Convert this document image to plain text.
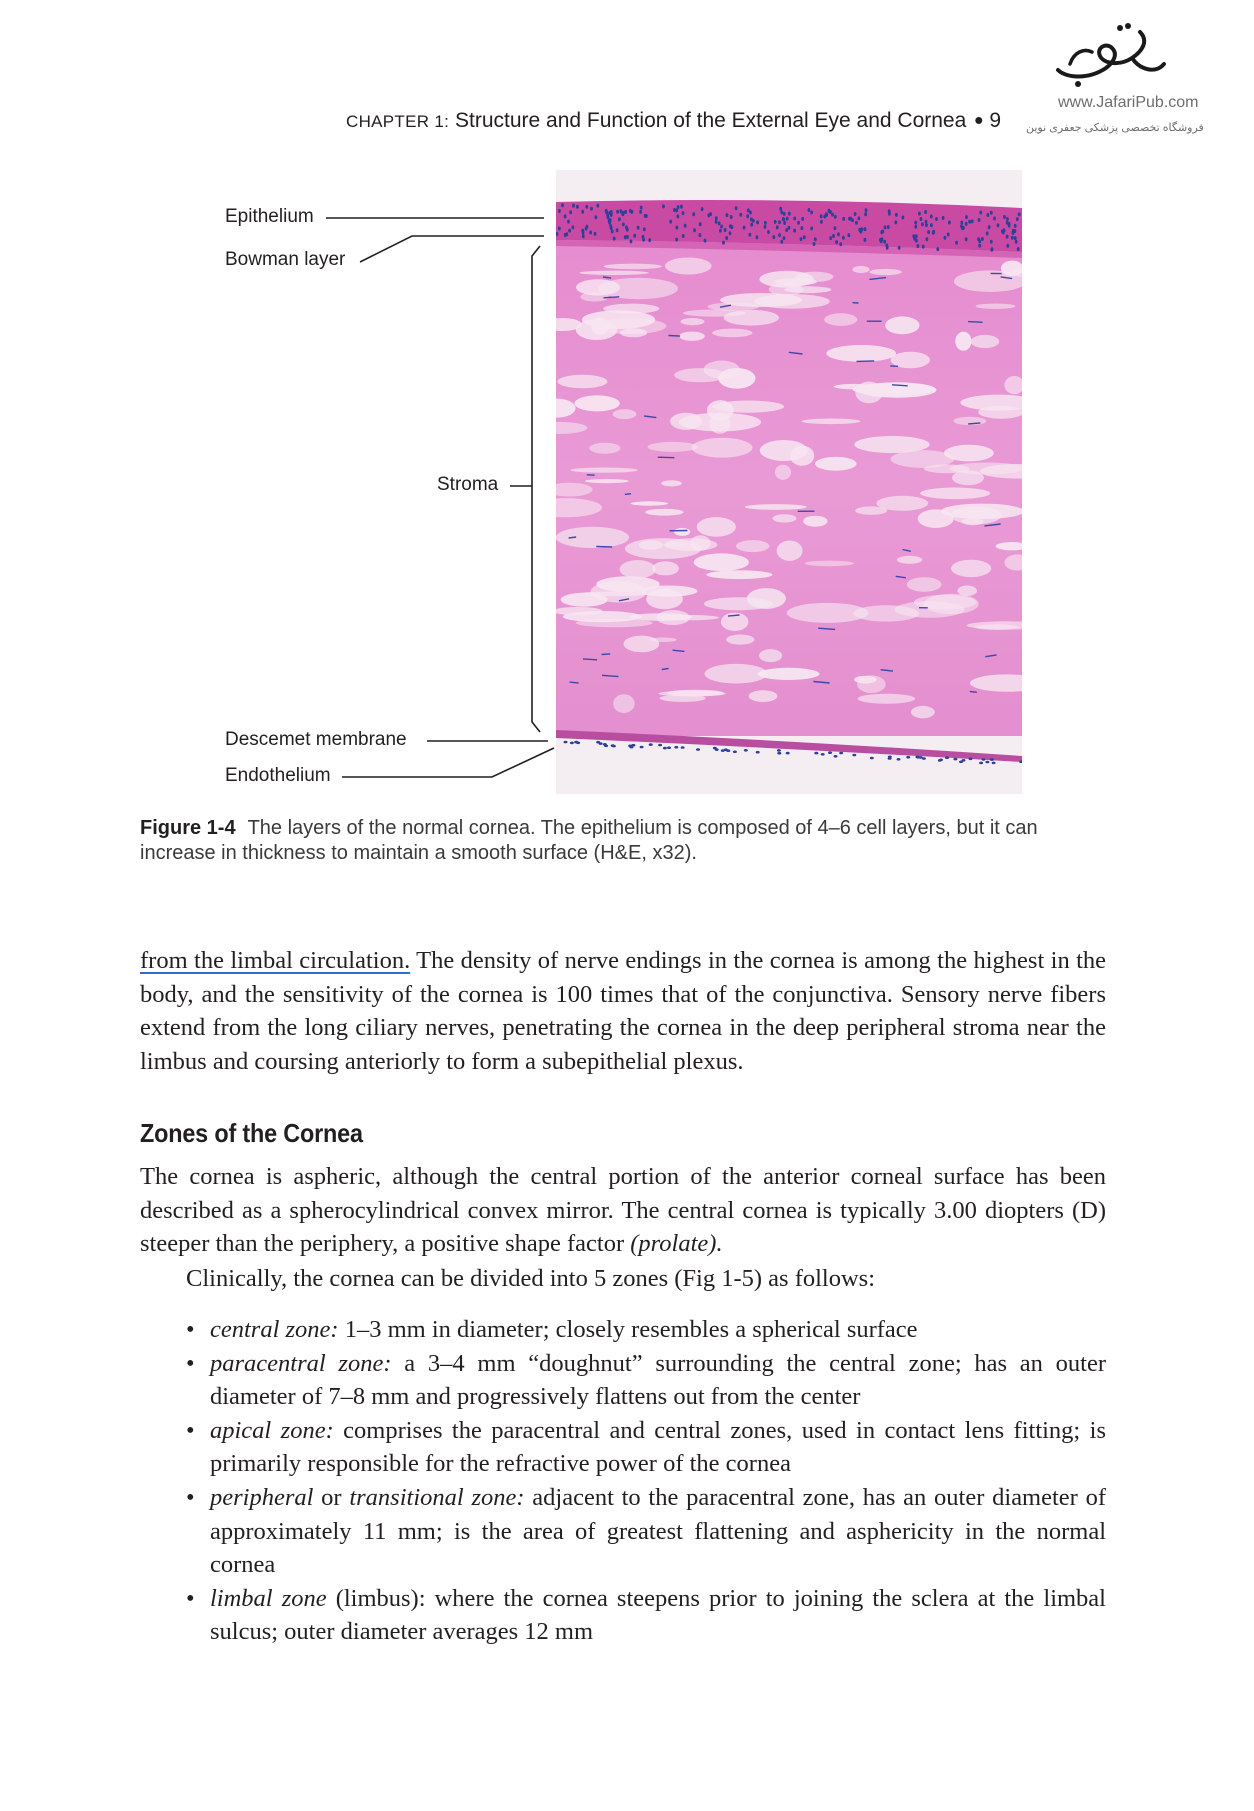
CHAPTER 1: Structure and Function of the External Eye and Cornea • 9
www.JafariPub.com
فروشگاه تخصصی پزشکی جعفری نوین
Epithelium
Bowman layer
Stroma
Descemet membrane
Endothelium
Figure 1-4 The layers of the normal cornea. The epithelium is composed of 4–6 cell layers, but it can increase in thickness to maintain a smooth surface (H&E, x32).

from the limbal circulation. The density of nerve endings in the cornea is among the highest in the body, and the sensitivity of the cornea is 100 times that of the conjunctiva. Sensory nerve fibers extend from the long ciliary nerves, penetrating the cornea in the deep peripheral stroma near the limbus and coursing anteriorly to form a subepithelial plexus.

Zones of the Cornea

The cornea is aspheric, although the central portion of the anterior corneal surface has been described as a spherocylindrical convex mirror. The central cornea is typically 3.00 diopters (D) steeper than the periphery, a positive shape factor (prolate).

Clinically, the cornea can be divided into 5 zones (Fig 1-5) as follows:

• central zone: 1–3 mm in diameter; closely resembles a spherical surface
• paracentral zone: a 3–4 mm “doughnut” surrounding the central zone; has an outer diameter of 7–8 mm and progressively flattens out from the center
• apical zone: comprises the paracentral and central zones, used in contact lens fitting; is primarily responsible for the refractive power of the cornea
• peripheral or transitional zone: adjacent to the paracentral zone, has an outer diameter of approximately 11 mm; is the area of greatest flattening and asphericity in the normal cornea
• limbal zone (limbus): where the cornea steepens prior to joining the sclera at the limbal sulcus; outer diameter averages 12 mm
